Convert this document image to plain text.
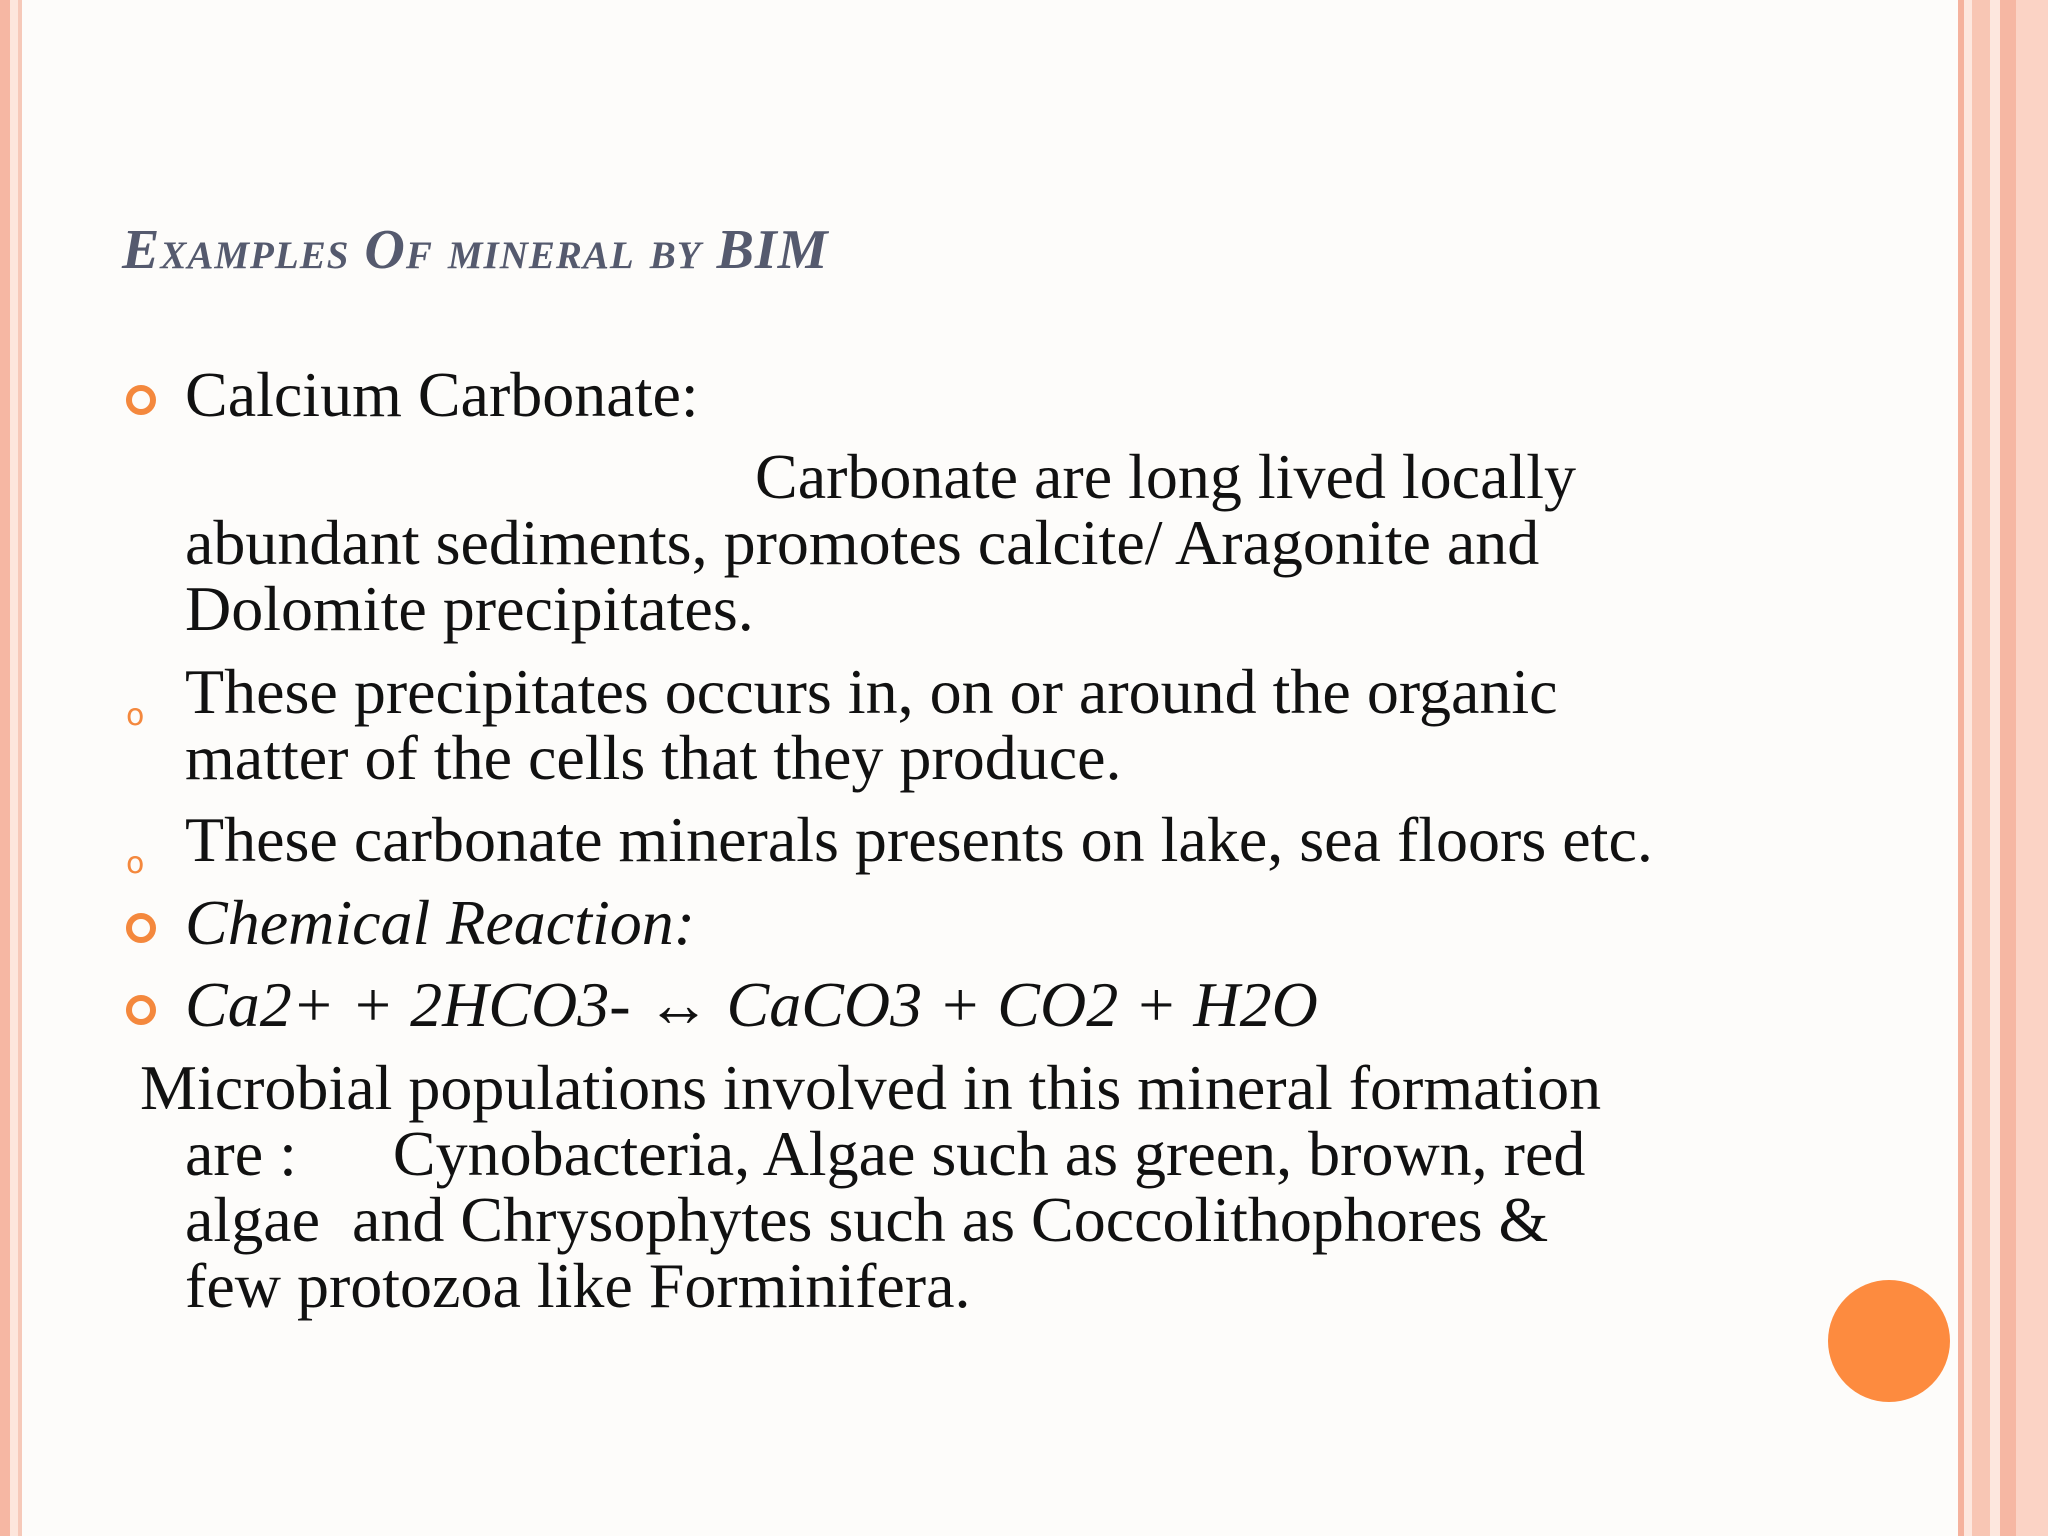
Examples Of mineral by BIM
Calcium Carbonate:
Carbonate are long lived locally
abundant sediments, promotes calcite/ Aragonite and
Dolomite precipitates.
o These precipitates occurs in, on or around the organic
matter of the cells that they produce.
o These carbonate minerals presents on lake, sea floors etc.
Chemical Reaction:
Ca2+ + 2HCO3- ↔ CaCO3 + CO2 + H2O
Microbial populations involved in this mineral formation
are :      Cynobacteria, Algae such as green, brown, red
algae  and Chrysophytes such as Coccolithophores &
few protozoa like Forminifera.
